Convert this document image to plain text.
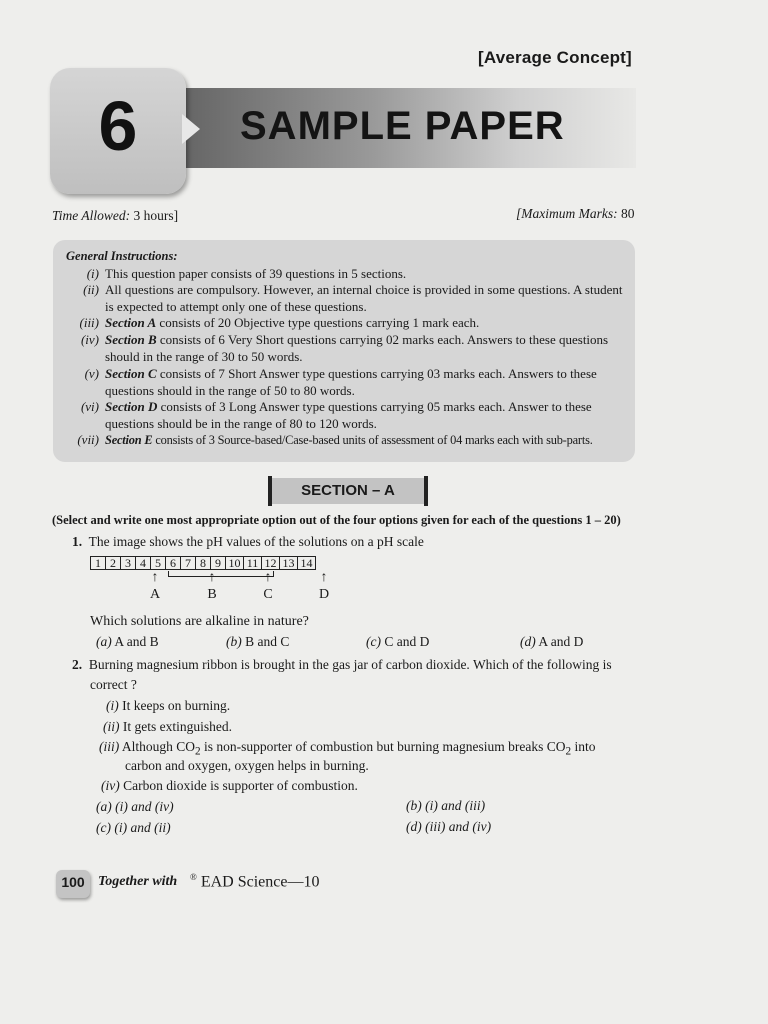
[Average Concept]
6	SAMPLE PAPER
Time Allowed: 3 hours]	[Maximum Marks: 80
General Instructions:
(i) This question paper consists of 39 questions in 5 sections.
(ii) All questions are compulsory. However, an internal choice is provided in some questions. A student is expected to attempt only one of these questions.
(iii) Section A consists of 20 Objective type questions carrying 1 mark each.
(iv) Section B consists of 6 Very Short questions carrying 02 marks each. Answers to these questions should in the range of 30 to 50 words.
(v) Section C consists of 7 Short Answer type questions carrying 03 marks each. Answers to these questions should in the range of 50 to 80 words.
(vi) Section D consists of 3 Long Answer type questions carrying 05 marks each. Answer to these questions should be in the range of 80 to 120 words.
(vii) Section E consists of 3 Source-based/Case-based units of assessment of 04 marks each with sub-parts.
SECTION – A
(Select and write one most appropriate option out of the four options given for each of the questions 1 – 20)
1. The image shows the pH values of the solutions on a pH scale
1	2	3	4	5	6	7	8	9	10	11	12	13	14
↑	↑	↑	↑
A	B	C	D
Which solutions are alkaline in nature?
(a) A and B	(b) B and C	(c) C and D	(d) A and D
2. Burning magnesium ribbon is brought in the gas jar of carbon dioxide. Which of the following is
correct ?
(i) It keeps on burning.
(ii) It gets extinguished.
(iii) Although $CO_2$ is non-supporter of combustion but burning magnesium breaks $CO_2$ into
carbon and oxygen, oxygen helps in burning.
(iv) Carbon dioxide is supporter of combustion.
(a) (i) and (iv)	(b) (i) and (iii)
(c) (i) and (ii)	(d) (iii) and (iv)
100 Together with ® EAD Science—10
